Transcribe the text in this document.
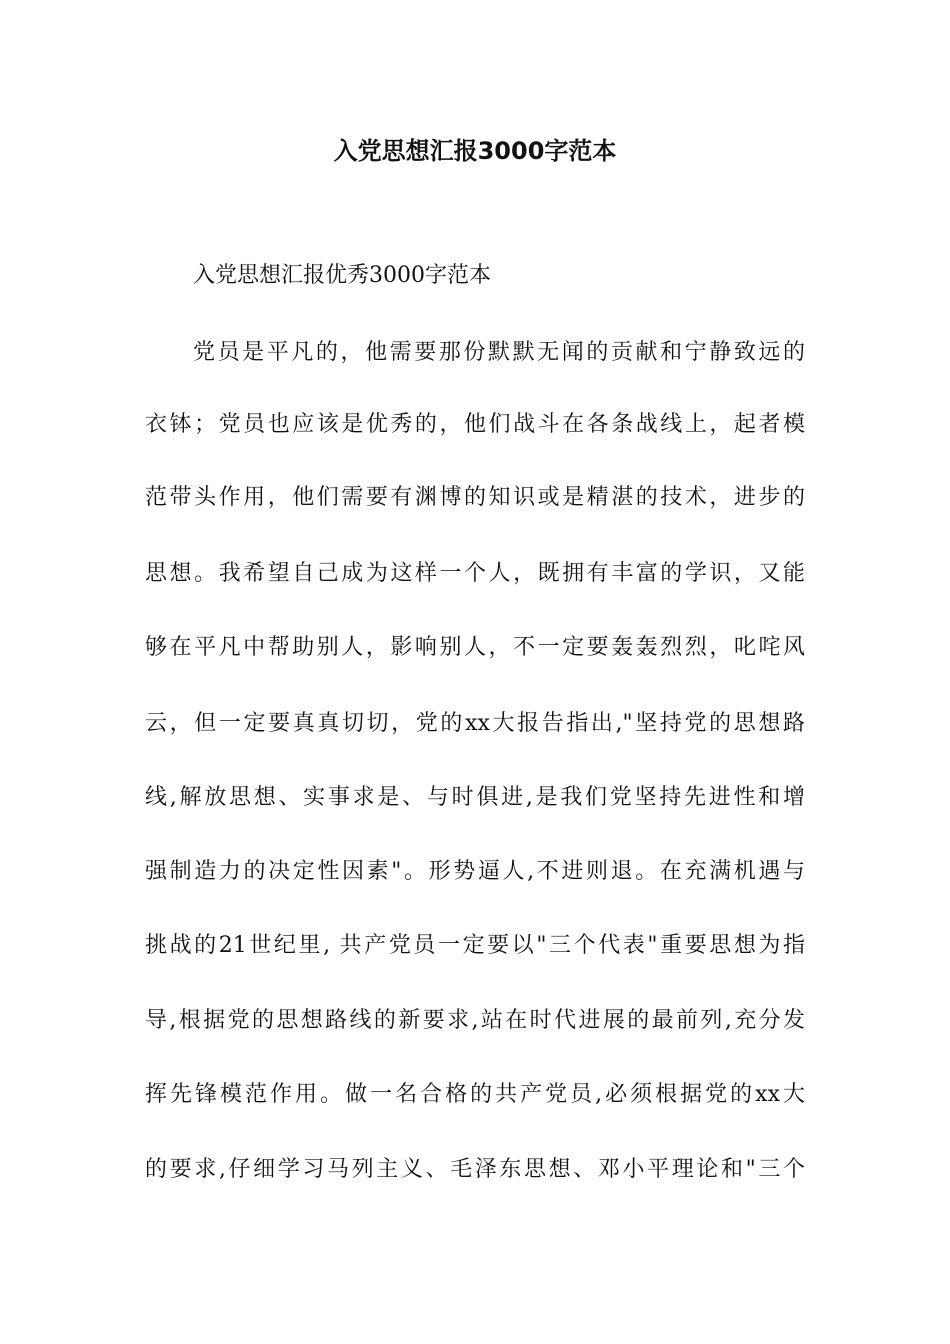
入党思想汇报3000字范本

入党思想汇报优秀3000字范本

党员是平凡的，他需要那份默默无闻的贡献和宁静致远的

衣钵；党员也应该是优秀的，他们战斗在各条战线上，起者模

范带头作用，他们需要有渊博的知识或是精湛的技术，进步的

思想。我希望自己成为这样一个人，既拥有丰富的学识，又能

够在平凡中帮助别人，影响别人，不一定要轰轰烈烈，叱咤风

云，但一定要真真切切，党的xx大报告指出,"坚持党的思想路

线,解放思想、实事求是、与时俱进,是我们党坚持先进性和增

强制造力的决定性因素"。形势逼人,不进则退。在充满机遇与

挑战的21世纪里, 共产党员一定要以"三个代表"重要思想为指

导,根据党的思想路线的新要求,站在时代进展的最前列,充分发

挥先锋模范作用。做一名合格的共产党员,必须根据党的xx大

的要求,仔细学习马列主义、毛泽东思想、邓小平理论和"三个
